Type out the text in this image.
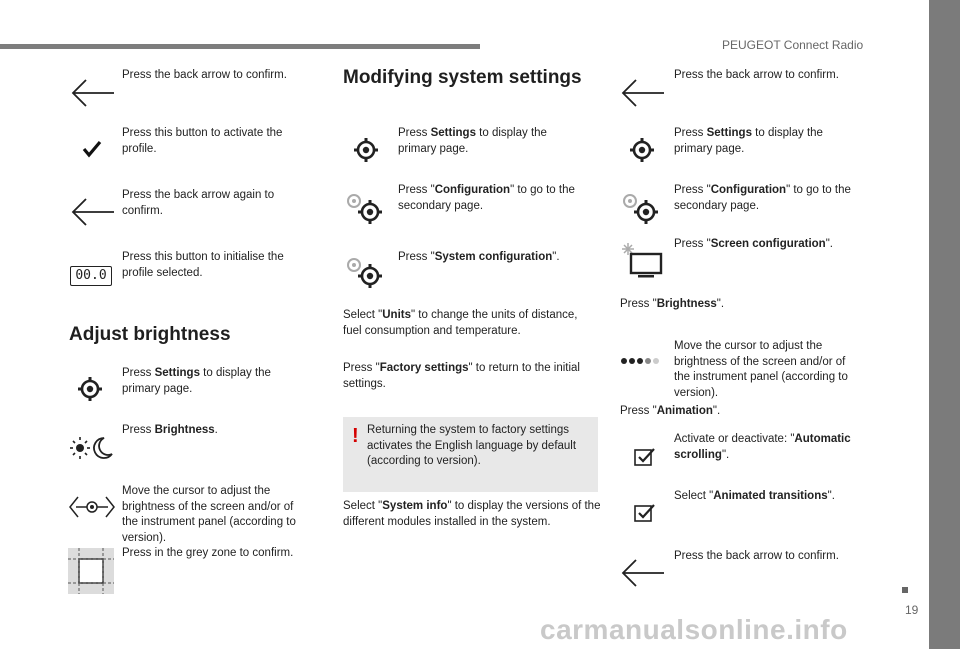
PEUGEOT Connect Radio
19
carmanualsonline.info
Press the back arrow to confirm.
Press this button to activate the profile.
Press the back arrow again to confirm.
00.0
Press this button to initialise the profile selected.
Adjust brightness
Press Settings to display the primary page.
Press Brightness.
Move the cursor to adjust the brightness of the screen and/or of the instrument panel (according to version).
Press in the grey zone to confirm.
Modifying system settings
Press Settings to display the primary page.
Press "Configuration" to go to the secondary page.
Press "System configuration".
Select "Units" to change the units of distance, fuel consumption and temperature.
Press "Factory settings" to return to the initial settings.
! Returning the system to factory settings activates the English language by default (according to version).
Select "System info" to display the versions of the different modules installed in the system.
Press the back arrow to confirm.
Press Settings to display the primary page.
Press "Configuration" to go to the secondary page.
Press "Screen configuration".
Press "Brightness".
Move the cursor to adjust the brightness of the screen and/or of the instrument panel (according to version).
Press "Animation".
Activate or deactivate: "Automatic scrolling".
Select "Animated transitions".
Press the back arrow to confirm.
